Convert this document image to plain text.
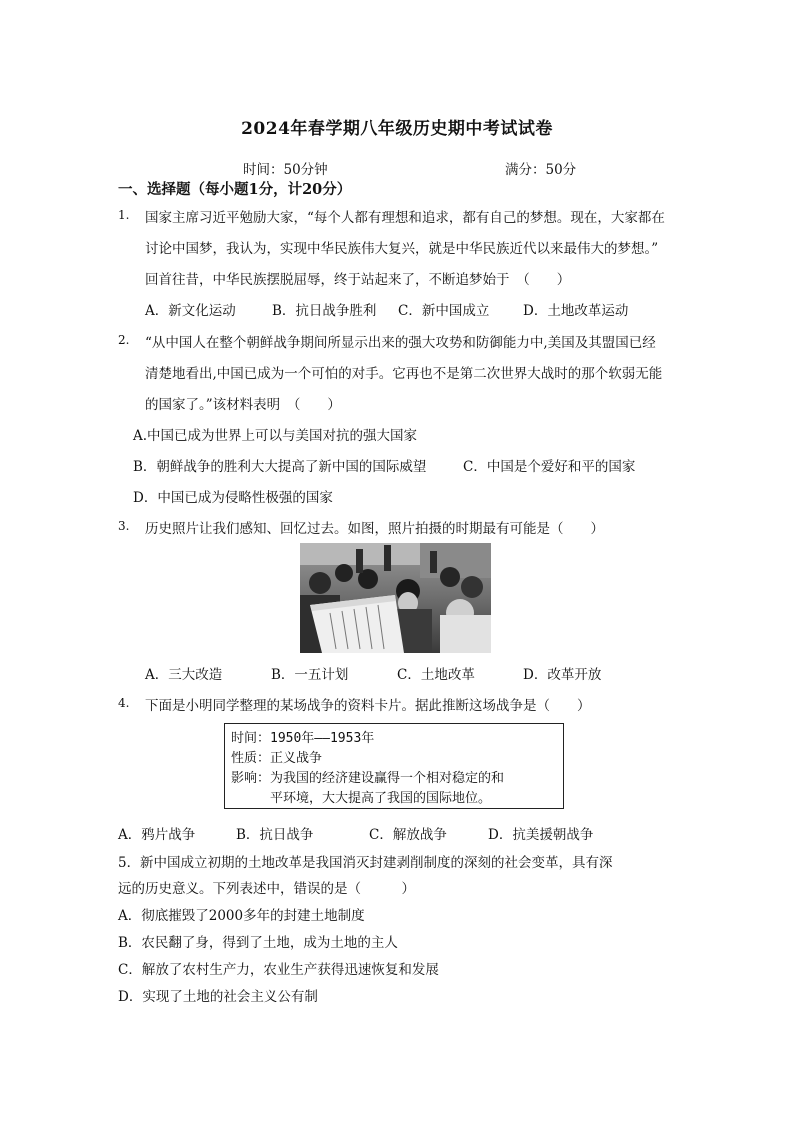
2024年春学期八年级历史期中考试试卷
时间：50分钟	满分：50分
一、选择题（每小题1分，计20分）
1. 国家主席习近平勉励大家，“每个人都有理想和追求，都有自己的梦想。现在，大家都在
讨论中国梦，我认为，实现中华民族伟大复兴，就是中华民族近代以来最伟大的梦想。”
回首往昔，中华民族摆脱屈辱，终于站起来了，不断追梦始于　（　　）
A．新文化运动	B．抗日战争胜利 C．新中国成立 D．土地改革运动
2. “从中国人在整个朝鲜战争期间所显示出来的强大攻势和防御能力中,美国及其盟国已经
清楚地看出,中国已成为一个可怕的对手。它再也不是第二次世界大战时的那个软弱无能
的国家了。”该材料表明　（　　）
A.中国已成为世界上可以与美国对抗的强大国家
B．朝鲜战争的胜利大大提高了新中国的国际威望	C．中国是个爱好和平的国家
D．中国已成为侵略性极强的国家
3. 历史照片让我们感知、回忆过去。如图，照片拍摄的时期最有可能是（　　）
A．三大改造	B．一五计划	C．土地改革	D．改革开放
4. 下面是小明同学整理的某场战争的资料卡片。据此推断这场战争是（　　）
时间：1950年——1953年
性质：正义战争
影响：为我国的经济建设赢得一个相对稳定的和
　　　平环境，大大提高了我国的国际地位。
A．鸦片战争	B．抗日战争	C．解放战争	D．抗美援朝战争
5． 新中国成立初期的土地改革是我国消灭封建剥削制度的深刻的社会变革，具有深
远的历史意义。下列表述中，错误的是（　　　）
A．彻底摧毁了2000多年的封建土地制度
B．农民翻了身，得到了土地，成为土地的主人
C．解放了农村生产力，农业生产获得迅速恢复和发展
D．实现了土地的社会主义公有制
